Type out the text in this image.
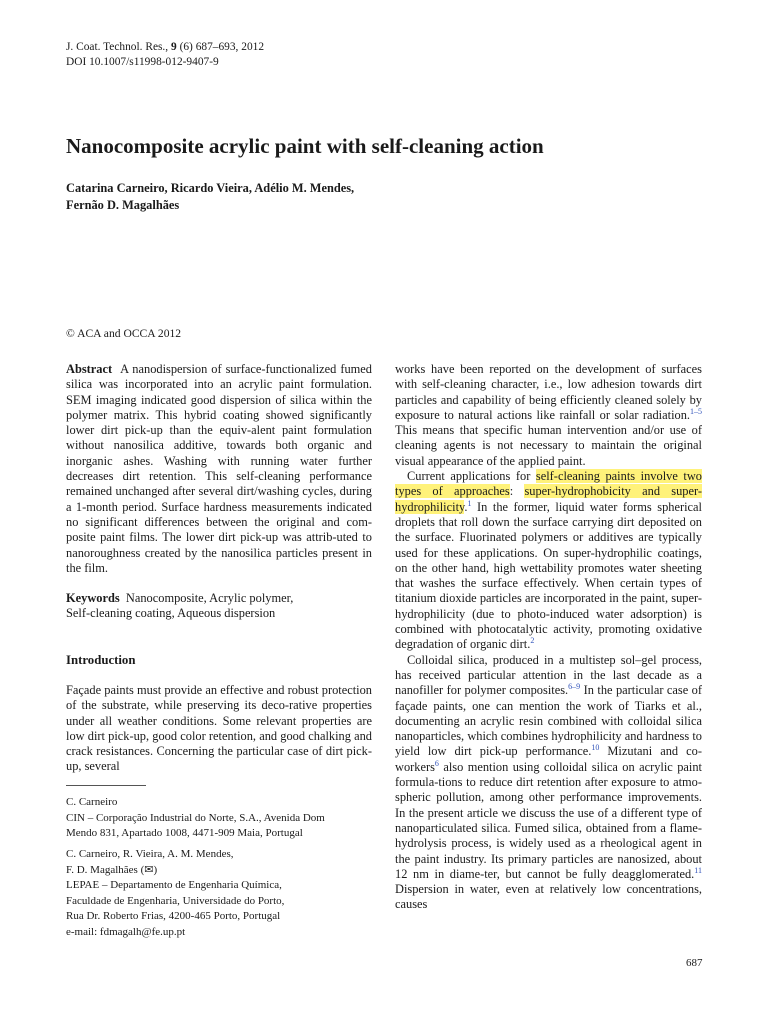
J. Coat. Technol. Res., 9 (6) 687–693, 2012
DOI 10.1007/s11998-012-9407-9
Nanocomposite acrylic paint with self-cleaning action
Catarina Carneiro, Ricardo Vieira, Adélio M. Mendes,
Fernão D. Magalhães
© ACA and OCCA 2012

Abstract A nanodispersion of surface-functionalized fumed silica was incorporated into an acrylic paint formulation. SEM imaging indicated good dispersion of silica within the polymer matrix. This hybrid coating showed significantly lower dirt pick-up than the equiv-alent paint formulation without nanosilica additive, towards both organic and inorganic ashes. Washing with running water further decreases dirt retention. This self-cleaning performance remained unchanged after several dirt/washing cycles, during a 1-month period. Surface hardness measurements indicated no significant differences between the original and com-posite paint films. The lower dirt pick-up was attrib-uted to nanoroughness created by the nanosilica particles present in the film.

Keywords Nanocomposite, Acrylic polymer,
Self-cleaning coating, Aqueous dispersion
Introduction

Façade paints must provide an effective and robust protection of the substrate, while preserving its deco-rative properties under all weather conditions. Some relevant properties are low dirt pick-up, good color retention, and good chalking and crack resistances. Concerning the particular case of dirt pick-up, several

C. Carneiro
CIN – Corporação Industrial do Norte, S.A., Avenida Dom
Mendo 831, Apartado 1008, 4471-909 Maia, Portugal
C. Carneiro, R. Vieira, A. M. Mendes,
F. D. Magalhães (✉)
LEPAE – Departamento de Engenharia Química,
Faculdade de Engenharia, Universidade do Porto,
Rua Dr. Roberto Frias, 4200-465 Porto, Portugal
e-mail: fdmagalh@fe.up.pt

works have been reported on the development of surfaces with self-cleaning character, i.e., low adhesion towards dirt particles and capability of being efficiently cleaned solely by exposure to natural actions like rainfall or solar radiation.$^{1-5}$ This means that specific human intervention and/or use of cleaning agents is not necessary to maintain the original visual appearance of the applied paint.

Current applications for self-cleaning paints involve two types of approaches: super-hydrophobicity and super-hydrophilicity.$^1$ In the former, liquid water forms spherical droplets that roll down the surface carrying dirt deposited on the surface. Fluorinated polymers or additives are typically used for these applications. On super-hydrophilic coatings, on the other hand, high wettability promotes water sheeting that washes the surface effectively. When certain types of titanium dioxide particles are incorporated in the paint, super-hydrophilicity (due to photo-induced water adsorption) is combined with photocatalytic activity, promoting oxidative degradation of organic dirt.$^2$

Colloidal silica, produced in a multistep sol–gel process, has received particular attention in the last decade as a nanofiller for polymer composites.$^{6-9}$ In the particular case of façade paints, one can mention the work of Tiarks et al., documenting an acrylic resin combined with colloidal silica nanoparticles, which combines hydrophilicity and hardness to yield low dirt pick-up performance.$^{10}$ Mizutani and co-workers$^6$ also mention using colloidal silica on acrylic paint formula-tions to reduce dirt retention after exposure to atmo-spheric pollution, among other performance improvements. In the present article we discuss the use of a different type of nanoparticulated silica. Fumed silica, obtained from a flame-hydrolysis process, is widely used as a rheological agent in the paint industry. Its primary particles are nanosized, about 12 nm in diame-ter, but cannot be fully deagglomerated.$^{11}$ Dispersion in water, even at relatively low concentrations, causes

687
